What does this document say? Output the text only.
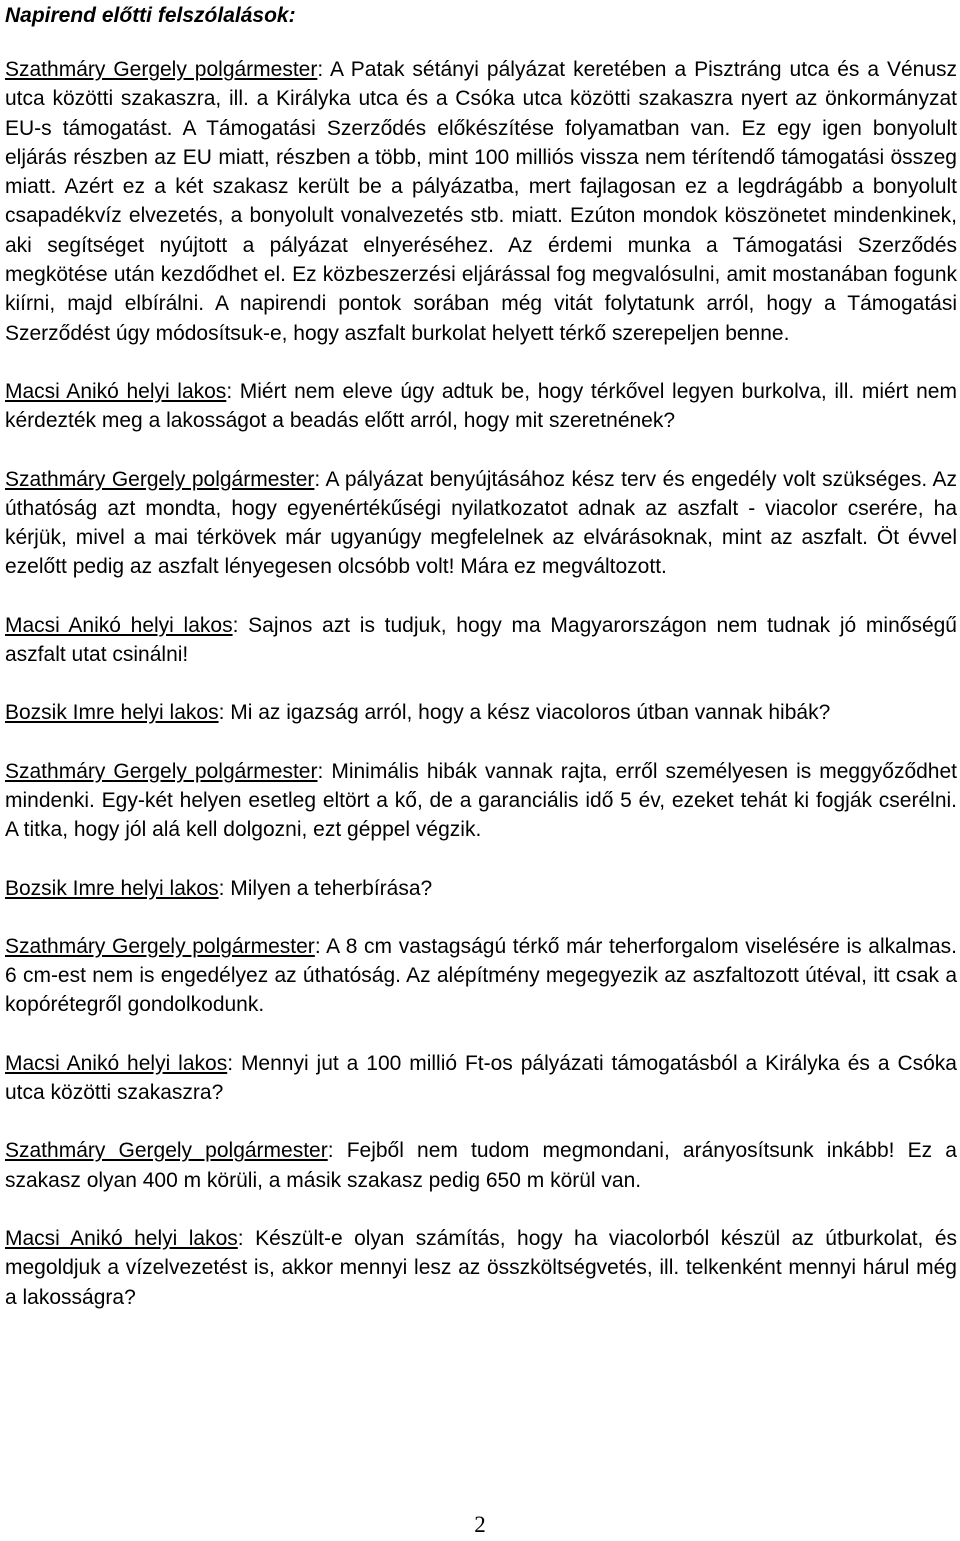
Napirend előtti felszólalások:

Szathmáry Gergely polgármester: A Patak sétányi pályázat keretében a Pisztráng utca és a Vénusz utca közötti szakaszra, ill. a Királyka utca és a Csóka utca közötti szakaszra nyert az önkormányzat EU-s támogatást. A Támogatási Szerződés előkészítése folyamatban van. Ez egy igen bonyolult eljárás részben az EU miatt, részben a több, mint 100 milliós vissza nem térítendő támogatási összeg miatt. Azért ez a két szakasz került be a pályázatba, mert fajlagosan ez a legdrágább a bonyolult csapadékvíz elvezetés, a bonyolult vonalvezetés stb. miatt. Ezúton mondok köszönetet mindenkinek, aki segítséget nyújtott a pályázat elnyeréséhez. Az érdemi munka a Támogatási Szerződés megkötése után kezdődhet el. Ez közbeszerzési eljárással fog megvalósulni, amit mostanában fogunk kiírni, majd elbírálni. A napirendi pontok sorában még vitát folytatunk arról, hogy a Támogatási Szerződést úgy módosítsuk-e, hogy aszfalt burkolat helyett térkő szerepeljen benne.

Macsi Anikó helyi lakos: Miért nem eleve úgy adtuk be, hogy térkővel legyen burkolva, ill. miért nem kérdezték meg a lakosságot a beadás előtt arról, hogy mit szeretnének?

Szathmáry Gergely polgármester: A pályázat benyújtásához kész terv és engedély volt szükséges. Az úthatóság azt mondta, hogy egyenértékűségi nyilatkozatot adnak az aszfalt - viacolor cserére, ha kérjük, mivel a mai térkövek már ugyanúgy megfelelnek az elvárásoknak, mint az aszfalt. Öt évvel ezelőtt pedig az aszfalt lényegesen olcsóbb volt! Mára ez megváltozott.

Macsi Anikó helyi lakos: Sajnos azt is tudjuk, hogy ma Magyarországon nem tudnak jó minőségű aszfalt utat csinálni!

Bozsik Imre helyi lakos: Mi az igazság arról, hogy a kész viacoloros útban vannak hibák?

Szathmáry Gergely polgármester: Minimális hibák vannak rajta, erről személyesen is meggyőződhet mindenki. Egy-két helyen esetleg eltört a kő, de a garanciális idő 5 év, ezeket tehát ki fogják cserélni. A titka, hogy jól alá kell dolgozni, ezt géppel végzik.

Bozsik Imre helyi lakos: Milyen a teherbírása?

Szathmáry Gergely polgármester: A 8 cm vastagságú térkő már teherforgalom viselésére is alkalmas. 6 cm-est nem is engedélyez az úthatóság. Az alépítmény megegyezik az aszfaltozott útéval, itt csak a kopórétegről gondolkodunk.

Macsi Anikó helyi lakos: Mennyi jut a 100 millió Ft-os pályázati támogatásból a Királyka és a Csóka utca közötti szakaszra?

Szathmáry Gergely polgármester: Fejből nem tudom megmondani, arányosítsunk inkább! Ez a szakasz olyan 400 m körüli, a másik szakasz pedig 650 m körül van.

Macsi Anikó helyi lakos: Készült-e olyan számítás, hogy ha viacolorból készül az útburkolat, és megoldjuk a vízelvezetést is, akkor mennyi lesz az összköltségvetés, ill. telkenként mennyi hárul még a lakosságra?

2
